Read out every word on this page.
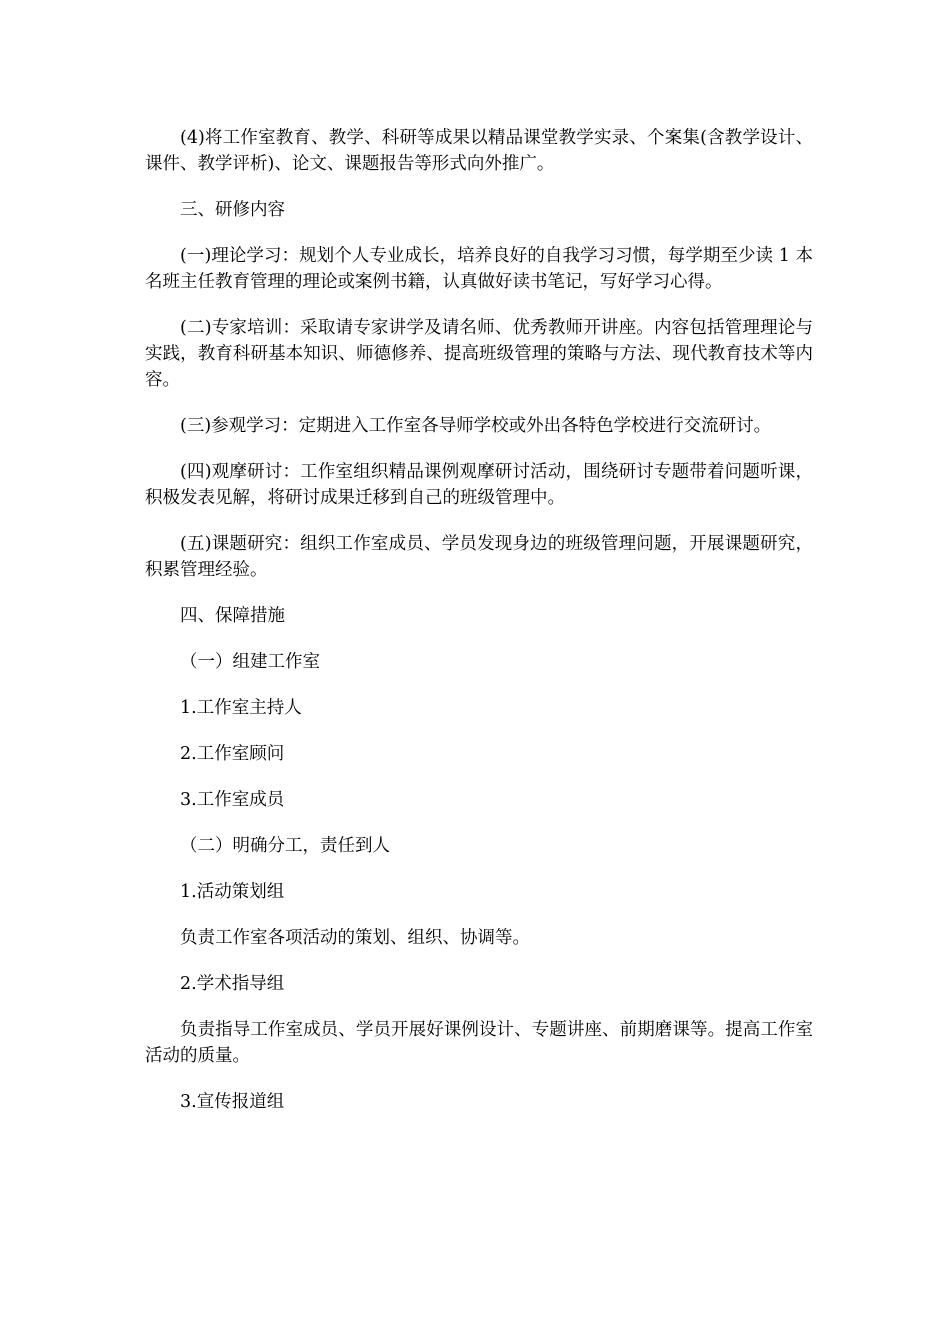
(4)将工作室教育、教学、科研等成果以精品课堂教学实录、个案集(含教学设计、课件、教学评析)、论文、课题报告等形式向外推广。

三、研修内容

(一)理论学习：规划个人专业成长，培养良好的自我学习习惯，每学期至少读 1 本名班主任教育管理的理论或案例书籍，认真做好读书笔记，写好学习心得。

(二)专家培训：采取请专家讲学及请名师、优秀教师开讲座。内容包括管理理论与实践，教育科研基本知识、师德修养、提高班级管理的策略与方法、现代教育技术等内容。

(三)参观学习：定期进入工作室各导师学校或外出各特色学校进行交流研讨。

(四)观摩研讨：工作室组织精品课例观摩研讨活动，围绕研讨专题带着问题听课，积极发表见解，将研讨成果迁移到自己的班级管理中。

(五)课题研究：组织工作室成员、学员发现身边的班级管理问题，开展课题研究，积累管理经验。

四、保障措施

（一）组建工作室

1.工作室主持人

2.工作室顾问

3.工作室成员

（二）明确分工，责任到人

1.活动策划组

负责工作室各项活动的策划、组织、协调等。

2.学术指导组

负责指导工作室成员、学员开展好课例设计、专题讲座、前期磨课等。提高工作室活动的质量。

3.宣传报道组
